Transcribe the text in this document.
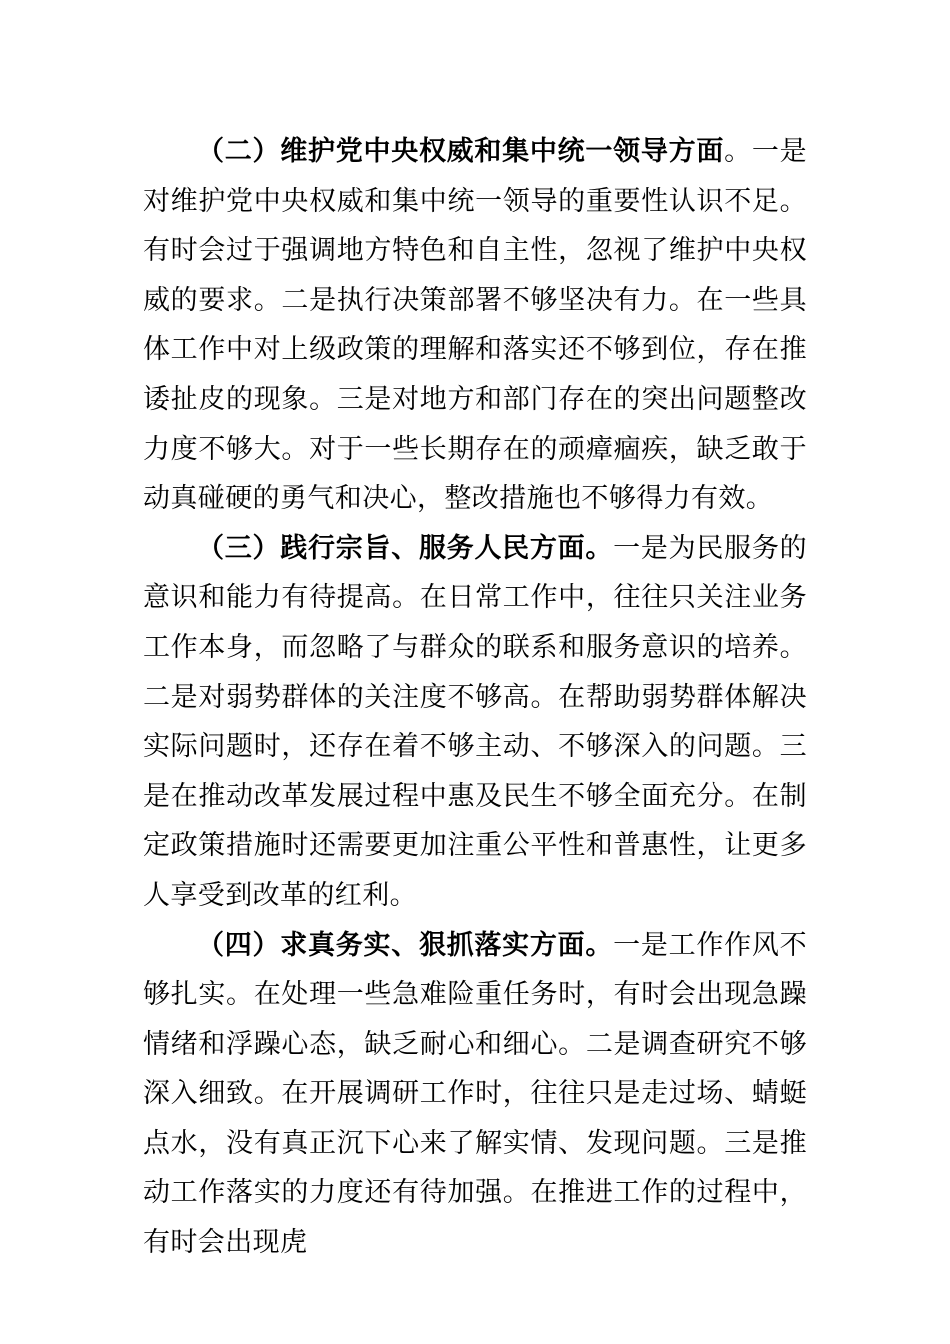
（二）维护党中央权威和集中统一领导方面。一是对维护党中央权威和集中统一领导的重要性认识不足。有时会过于强调地方特色和自主性，忽视了维护中央权威的要求。二是执行决策部署不够坚决有力。在一些具体工作中对上级政策的理解和落实还不够到位，存在推诿扯皮的现象。三是对地方和部门存在的突出问题整改力度不够大。对于一些长期存在的顽瘴痼疾，缺乏敢于动真碰硬的勇气和决心，整改措施也不够得力有效。

（三）践行宗旨、服务人民方面。一是为民服务的意识和能力有待提高。在日常工作中，往往只关注业务工作本身，而忽略了与群众的联系和服务意识的培养。二是对弱势群体的关注度不够高。在帮助弱势群体解决实际问题时，还存在着不够主动、不够深入的问题。三是在推动改革发展过程中惠及民生不够全面充分。在制定政策措施时还需要更加注重公平性和普惠性，让更多人享受到改革的红利。

（四）求真务实、狠抓落实方面。一是工作作风不够扎实。在处理一些急难险重任务时，有时会出现急躁情绪和浮躁心态，缺乏耐心和细心。二是调查研究不够深入细致。在开展调研工作时，往往只是走过场、蜻蜓点水，没有真正沉下心来了解实情、发现问题。三是推动工作落实的力度还有待加强。在推进工作的过程中，有时会出现虎
